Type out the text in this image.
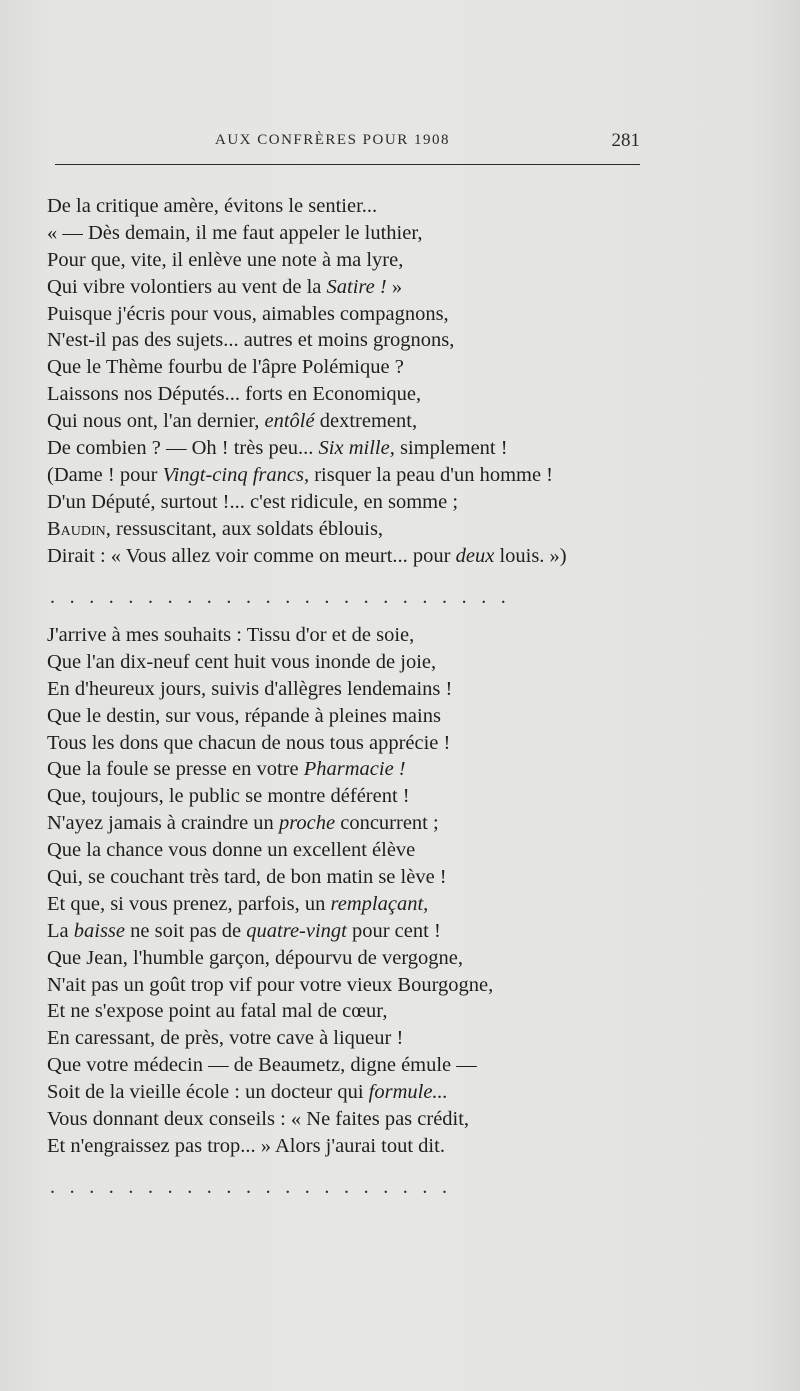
AUX CONFRÈRES POUR 1908	281
De la critique amère, évitons le sentier...
« — Dès demain, il me faut appeler le luthier,
Pour que, vite, il enlève une note à ma lyre,
Qui vibre volontiers au vent de la Satire ! »
Puisque j'écris pour vous, aimables compagnons,
N'est-il pas des sujets... autres et moins grognons,
Que le Thème fourbu de l'âpre Polémique ?
Laissons nos Députés... forts en Economique,
Qui nous ont, l'an dernier, entôlé dextrement,
De combien ? — Oh ! très peu... Six mille, simplement !
(Dame ! pour Vingt-cinq francs, risquer la peau d'un homme !
D'un Député, surtout !... c'est ridicule, en somme ;
Baudin, ressuscitant, aux soldats éblouis,
Dirait : « Vous allez voir comme on meurt... pour deux louis. »)
........................
J'arrive à mes souhaits : Tissu d'or et de soie,
Que l'an dix-neuf cent huit vous inonde de joie,
En d'heureux jours, suivis d'allègres lendemains !
Que le destin, sur vous, répande à pleines mains
Tous les dons que chacun de nous tous apprécie !
Que la foule se presse en votre Pharmacie !
Que, toujours, le public se montre déférent !
N'ayez jamais à craindre un proche concurrent ;
Que la chance vous donne un excellent élève
Qui, se couchant très tard, de bon matin se lève !
Et que, si vous prenez, parfois, un remplaçant,
La baisse ne soit pas de quatre-vingt pour cent !
Que Jean, l'humble garçon, dépourvu de vergogne,
N'ait pas un goût trop vif pour votre vieux Bourgogne,
Et ne s'expose point au fatal mal de cœur,
En caressant, de près, votre cave à liqueur !
Que votre médecin — de Beaumetz, digne émule —
Soit de la vieille école : un docteur qui formule...
Vous donnant deux conseils : « Ne faites pas crédit,
Et n'engraissez pas trop... » Alors j'aurai tout dit.
.....................
